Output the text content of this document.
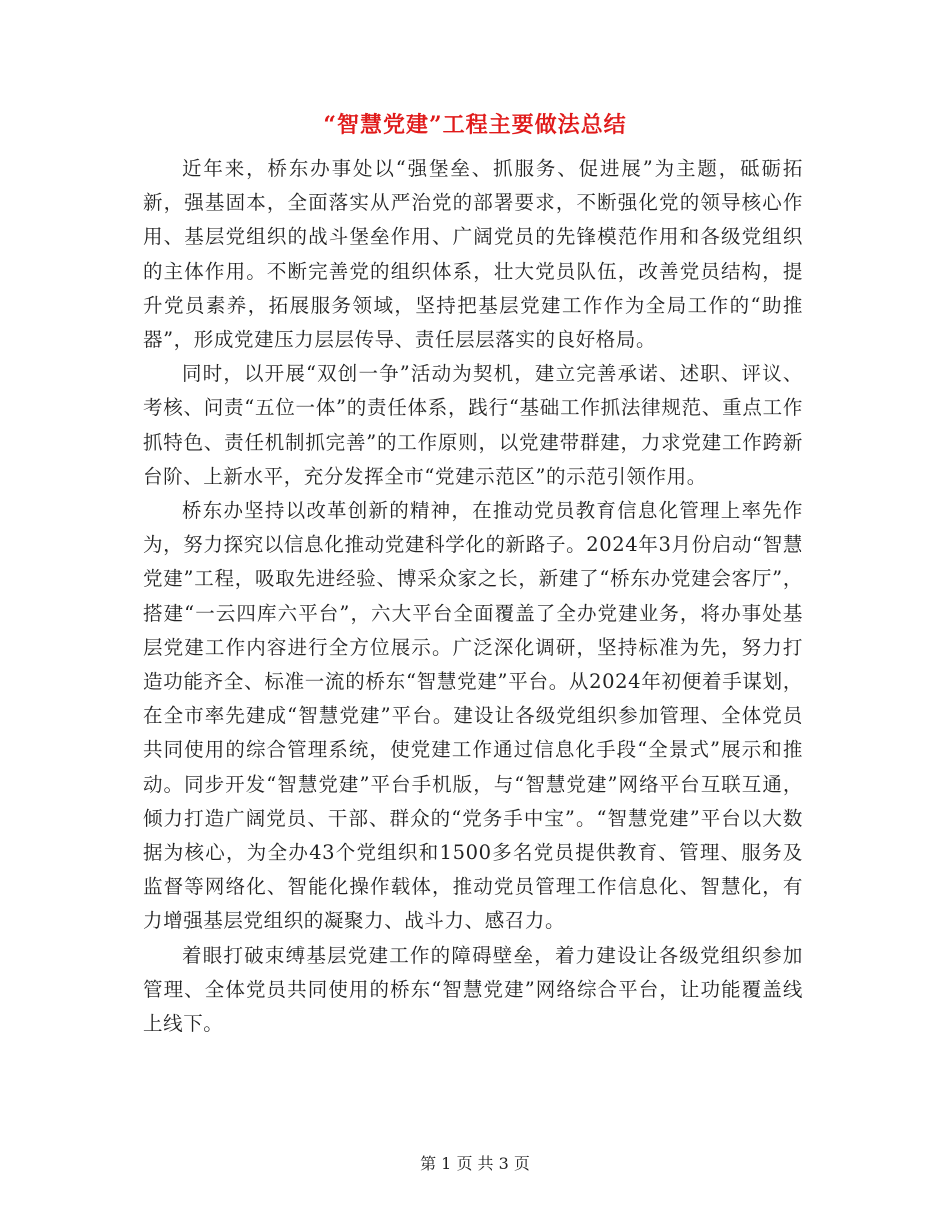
“智慧党建”工程主要做法总结

近年来，桥东办事处以“强堡垒、抓服务、促进展”为主题，砥砺拓新，强基固本，全面落实从严治党的部署要求，不断强化党的领导核心作用、基层党组织的战斗堡垒作用、广阔党员的先锋模范作用和各级党组织的主体作用。不断完善党的组织体系，壮大党员队伍，改善党员结构，提升党员素养，拓展服务领域，坚持把基层党建工作作为全局工作的“助推器”，形成党建压力层层传导、责任层层落实的良好格局。

同时，以开展“双创一争”活动为契机，建立完善承诺、述职、评议、考核、问责“五位一体”的责任体系，践行“基础工作抓法律规范、重点工作抓特色、责任机制抓完善”的工作原则，以党建带群建，力求党建工作跨新台阶、上新水平，充分发挥全市“党建示范区”的示范引领作用。

桥东办坚持以改革创新的精神，在推动党员教育信息化管理上率先作为，努力探究以信息化推动党建科学化的新路子。2024年3月份启动“智慧党建”工程，吸取先进经验、博采众家之长，新建了“桥东办党建会客厅”，搭建“一云四库六平台”，六大平台全面覆盖了全办党建业务，将办事处基层党建工作内容进行全方位展示。广泛深化调研，坚持标准为先，努力打造功能齐全、标准一流的桥东“智慧党建”平台。从2024年初便着手谋划，在全市率先建成“智慧党建”平台。建设让各级党组织参加管理、全体党员共同使用的综合管理系统，使党建工作通过信息化手段“全景式”展示和推动。同步开发“智慧党建”平台手机版，与“智慧党建”网络平台互联互通，倾力打造广阔党员、干部、群众的“党务手中宝”。“智慧党建”平台以大数据为核心，为全办43个党组织和1500多名党员提供教育、管理、服务及监督等网络化、智能化操作载体，推动党员管理工作信息化、智慧化，有力增强基层党组织的凝聚力、战斗力、感召力。

着眼打破束缚基层党建工作的障碍壁垒，着力建设让各级党组织参加管理、全体党员共同使用的桥东“智慧党建”网络综合平台，让功能覆盖线上线下。

第 1 页 共 3 页
